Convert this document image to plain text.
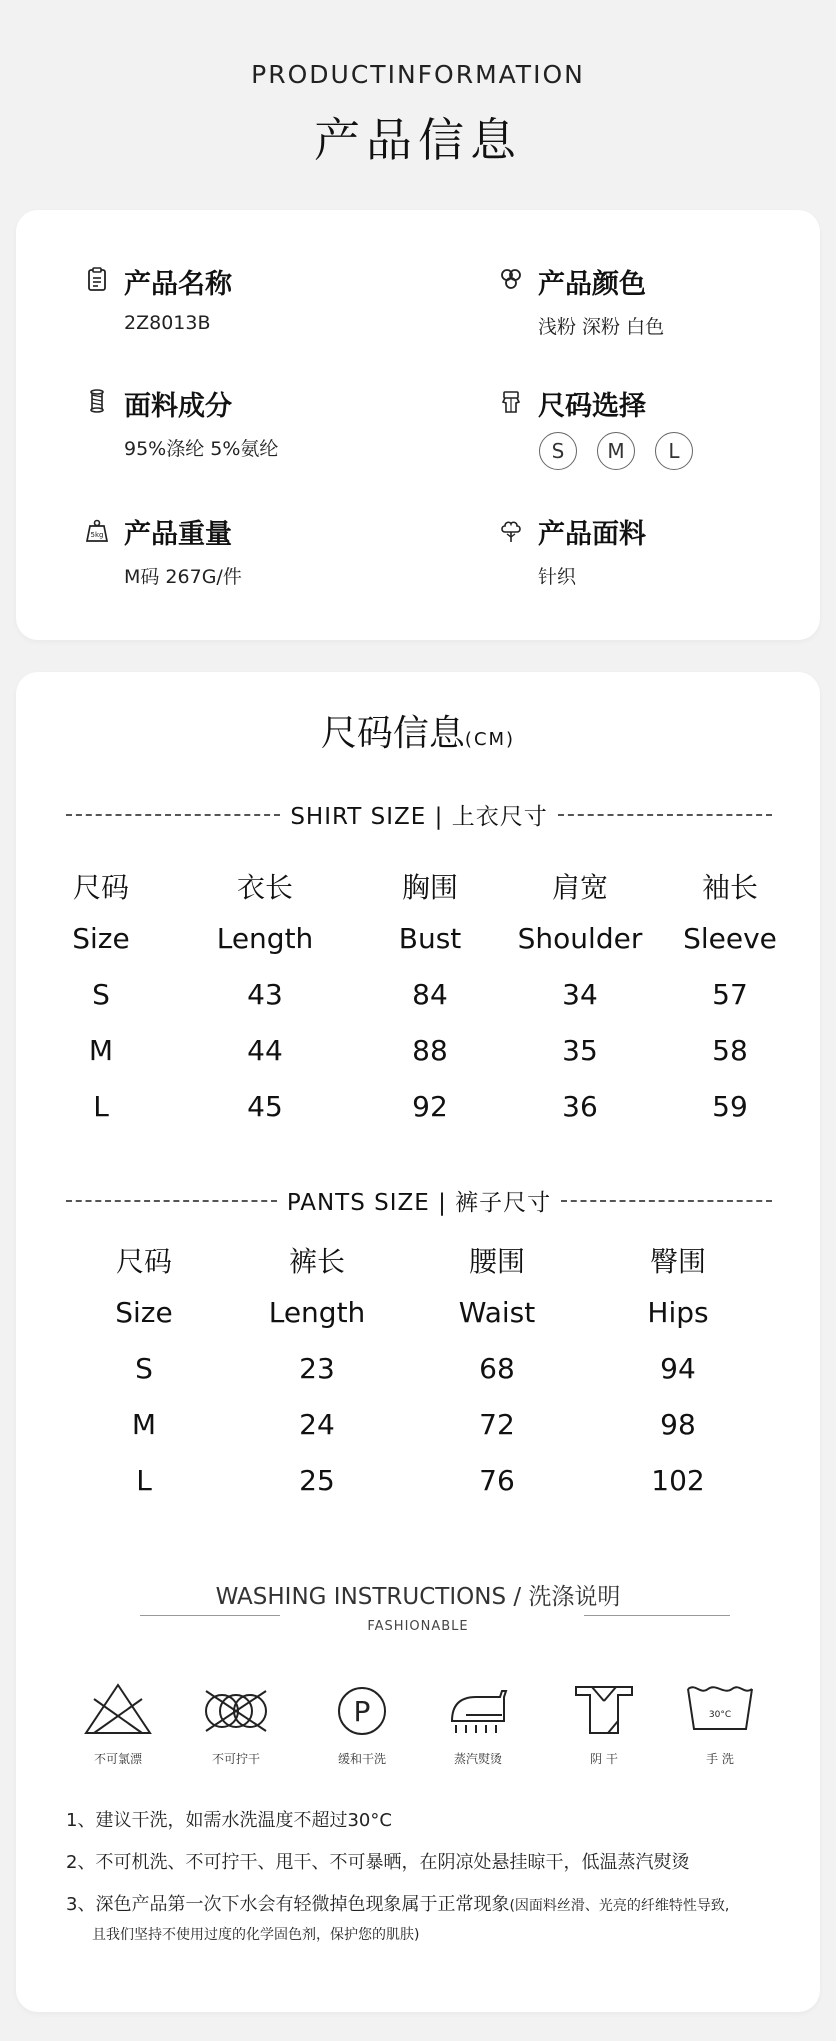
PRODUCTINFORMATION
产品信息
产品名称
2Z8013B
产品颜色
浅粉 深粉 白色
面料成分
95%涤纶 5%氨纶
尺码选择
S	M	L
5kg 产品重量
M码 267G/件
产品面料
针织
尺码信息(CM)
SHIRT SIZE | 上衣尺寸
尺码	衣长	胸围	肩宽	袖长
Size	Length	Bust Shoulder Sleeve
S	43	84	34	57
M	44	88	35	58
L	45	92	36	59
PANTS SIZE | 裤子尺寸
尺码	裤长	腰围	臀围
Size	Length	Waist	Hips
S	23	68	94
M	24	72	98
L	25	76	102
WASHING INSTRUCTIONS / 洗涤说明
FASHIONABLE
P	30°C
不可氯漂	不可拧干	缓和干洗	蒸汽熨烫	阴 干	手 洗
1、建议干洗，如需水洗温度不超过30°C
2、不可机洗、不可拧干、甩干、不可暴晒，在阴凉处悬挂晾干，低温蒸汽熨烫
3、深色产品第一次下水会有轻微掉色现象属于正常现象(因面料丝滑、光亮的纤维特性导致,
且我们坚持不使用过度的化学固色剂，保护您的肌肤)
